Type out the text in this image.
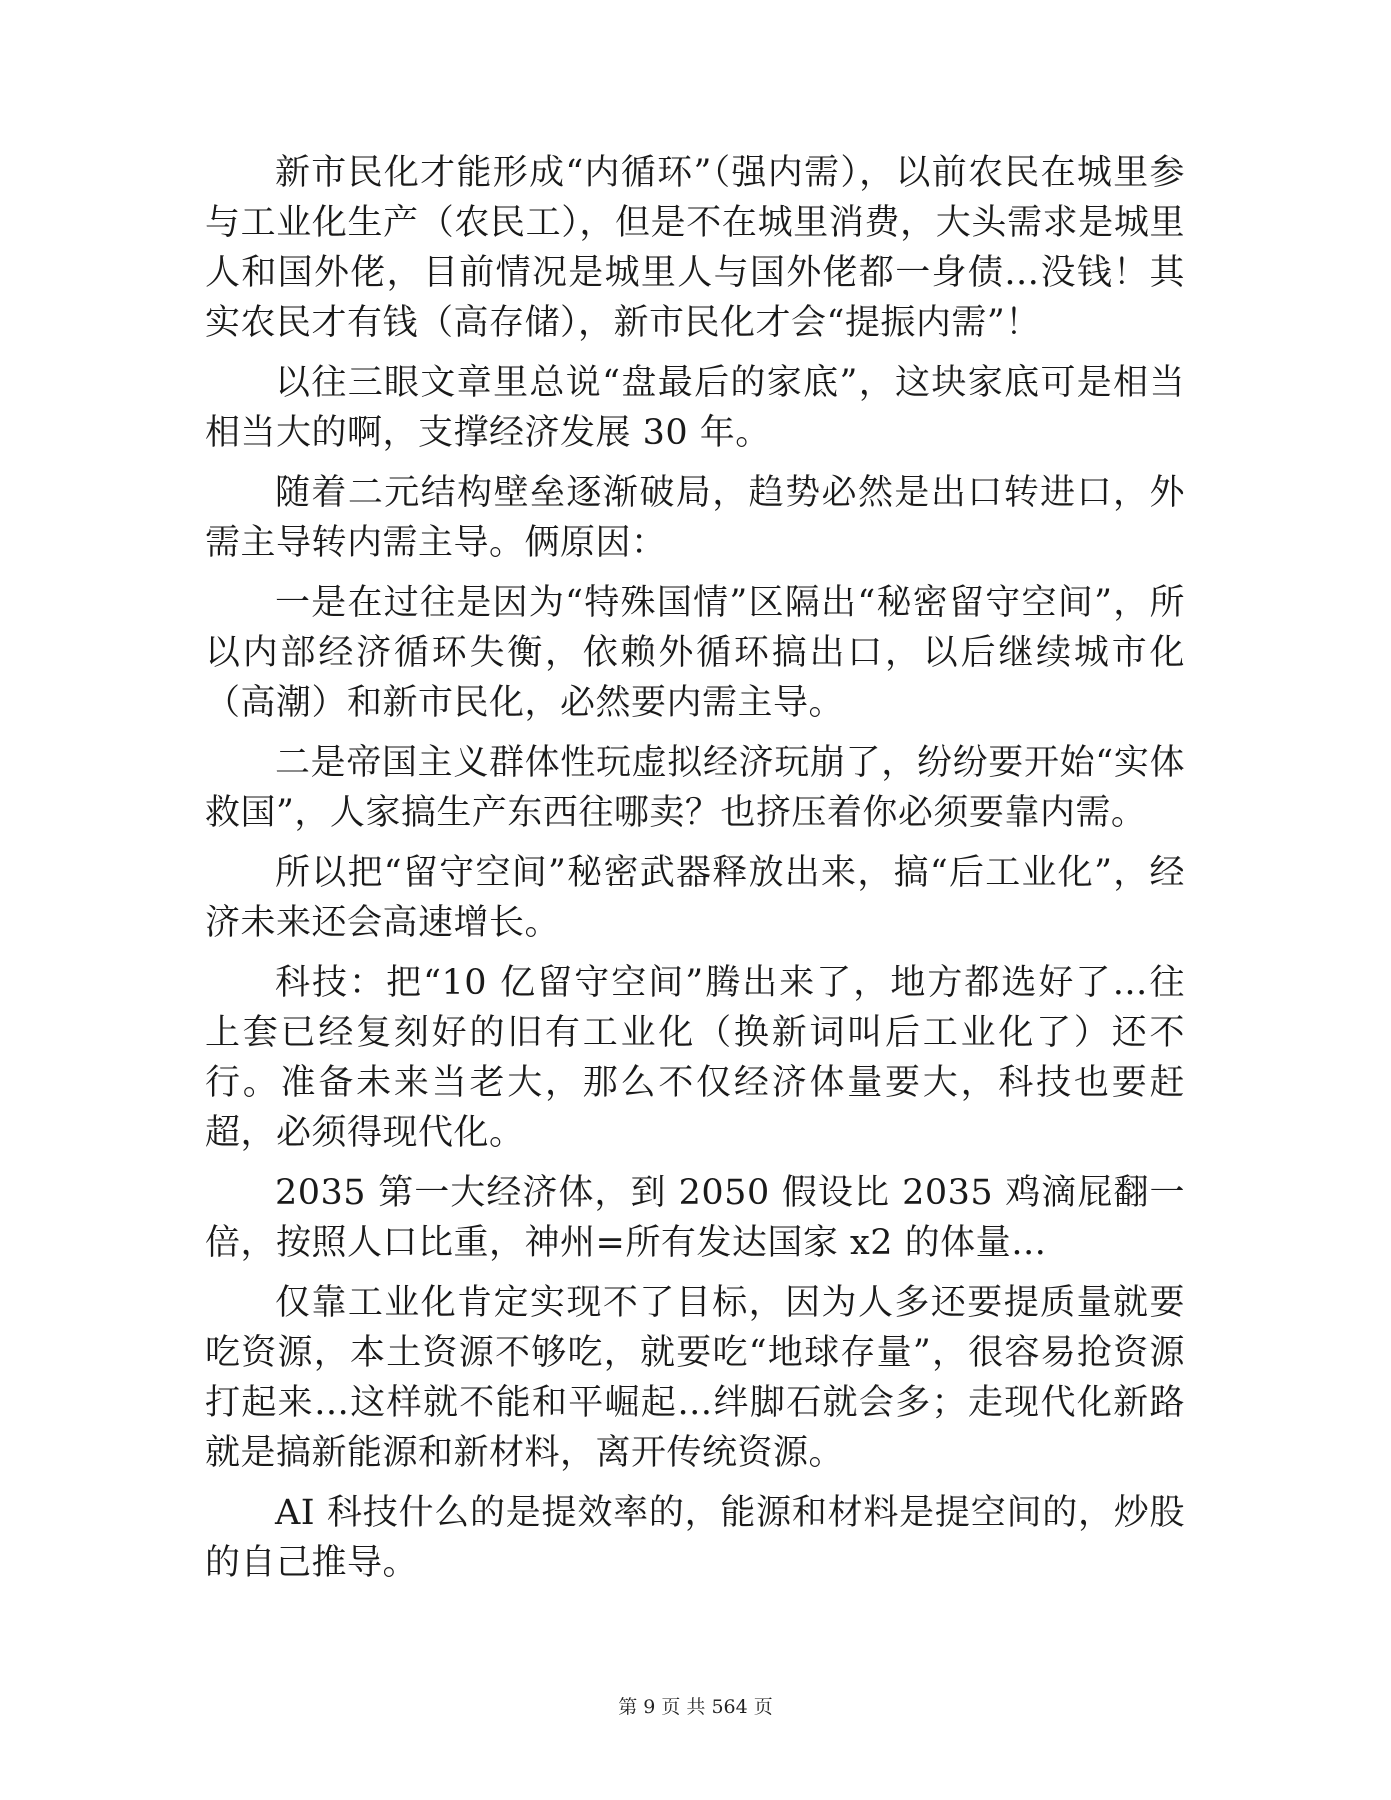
新市民化才能形成“内循环”（强内需），以前农民在城里参与工业化生产（农民工），但是不在城里消费，大头需求是城里人和国外佬，目前情况是城里人与国外佬都一身债…没钱！其实农民才有钱（高存储），新市民化才会“提振内需”！

以往三眼文章里总说“盘最后的家底”，这块家底可是相当相当大的啊，支撑经济发展 30 年。

随着二元结构壁垒逐渐破局，趋势必然是出口转进口，外需主导转内需主导。俩原因：

一是在过往是因为“特殊国情”区隔出“秘密留守空间”，所以内部经济循环失衡，依赖外循环搞出口，以后继续城市化（高潮）和新市民化，必然要内需主导。

二是帝国主义群体性玩虚拟经济玩崩了，纷纷要开始“实体救国”，人家搞生产东西往哪卖？也挤压着你必须要靠内需。

所以把“留守空间”秘密武器释放出来，搞“后工业化”，经济未来还会高速增长。

科技：把“10 亿留守空间”腾出来了，地方都选好了…往上套已经复刻好的旧有工业化（换新词叫后工业化了）还不行。准备未来当老大，那么不仅经济体量要大，科技也要赶超，必须得现代化。

2035 第一大经济体，到 2050 假设比 2035 鸡滴屁翻一倍，按照人口比重，神州=所有发达国家 x2 的体量…

仅靠工业化肯定实现不了目标，因为人多还要提质量就要吃资源，本土资源不够吃，就要吃“地球存量”，很容易抢资源打起来…这样就不能和平崛起…绊脚石就会多；走现代化新路就是搞新能源和新材料，离开传统资源。

AI 科技什么的是提效率的，能源和材料是提空间的，炒股的自己推导。

第 9 页 共 564 页
